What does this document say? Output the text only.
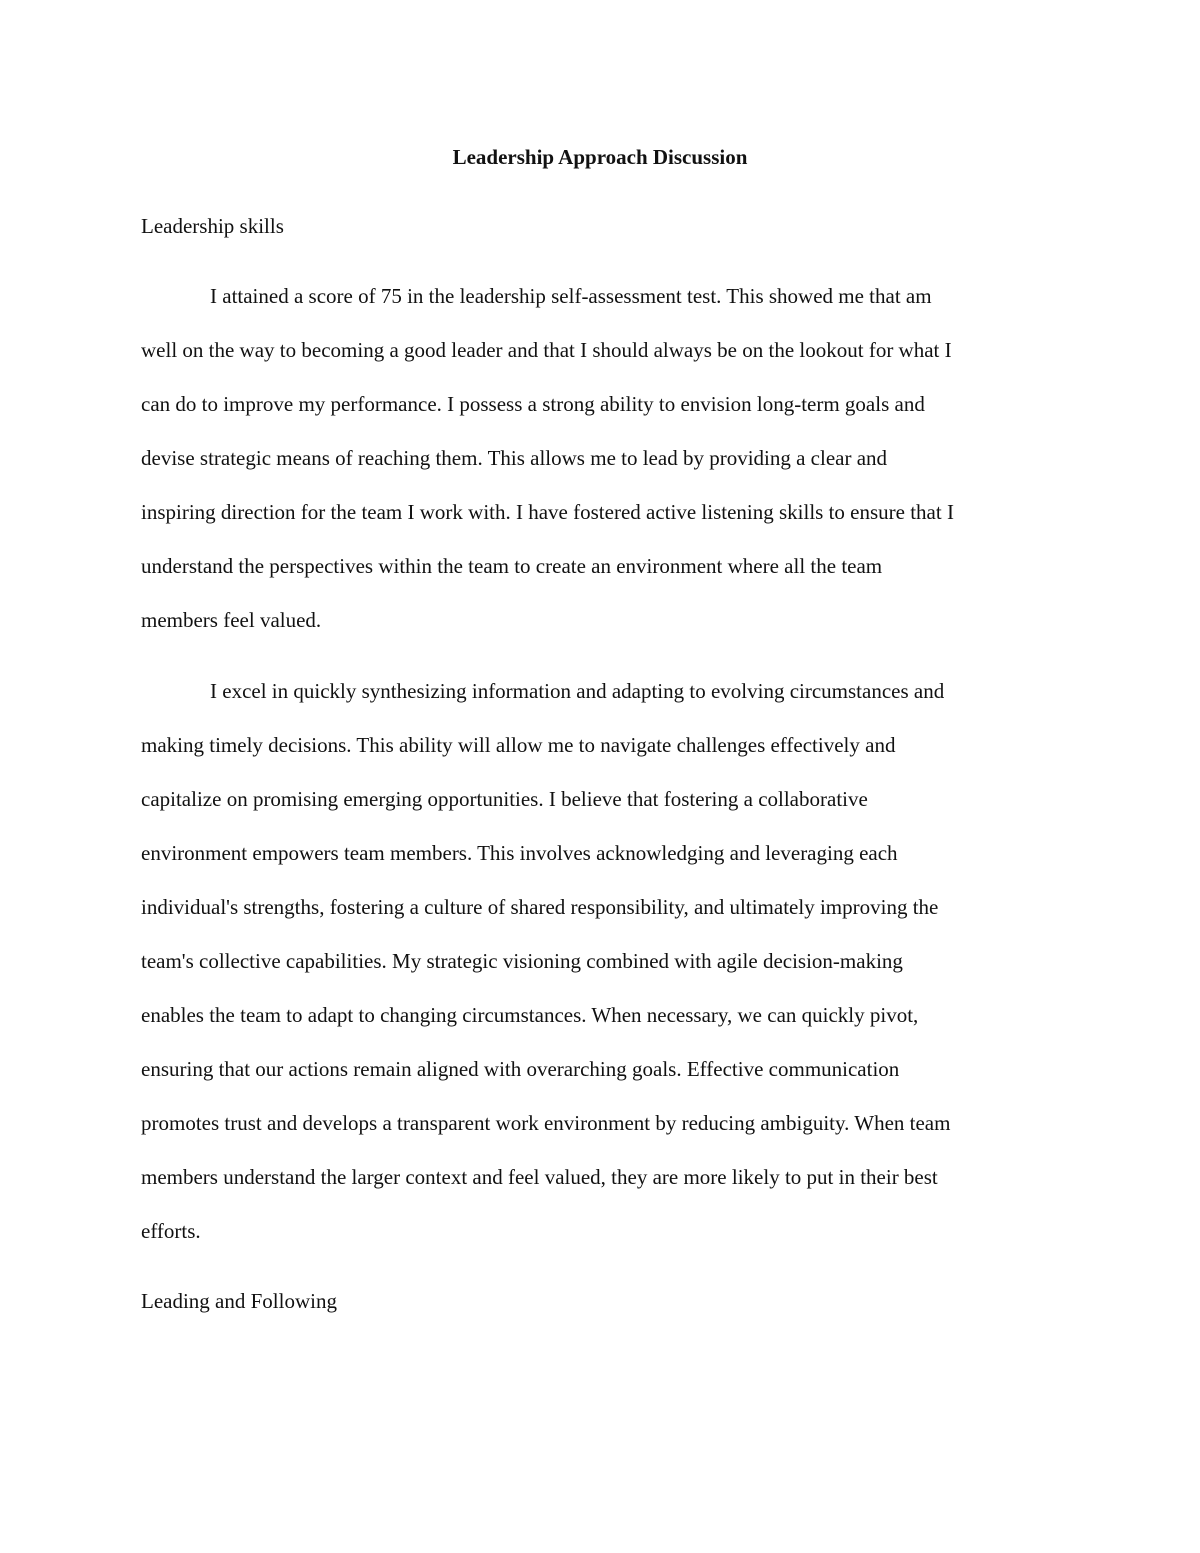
Leadership Approach Discussion
Leadership skills
I attained a score of 75 in the leadership self-assessment test. This showed me that am
well on the way to becoming a good leader and that I should always be on the lookout for what I
can do to improve my performance. I possess a strong ability to envision long-term goals and
devise strategic means of reaching them. This allows me to lead by providing a clear and
inspiring direction for the team I work with. I have fostered active listening skills to ensure that I
understand the perspectives within the team to create an environment where all the team
members feel valued.
I excel in quickly synthesizing information and adapting to evolving circumstances and
making timely decisions. This ability will allow me to navigate challenges effectively and
capitalize on promising emerging opportunities. I believe that fostering a collaborative
environment empowers team members. This involves acknowledging and leveraging each
individual's strengths, fostering a culture of shared responsibility, and ultimately improving the
team's collective capabilities. My strategic visioning combined with agile decision-making
enables the team to adapt to changing circumstances. When necessary, we can quickly pivot,
ensuring that our actions remain aligned with overarching goals. Effective communication
promotes trust and develops a transparent work environment by reducing ambiguity. When team
members understand the larger context and feel valued, they are more likely to put in their best
efforts.
Leading and Following
